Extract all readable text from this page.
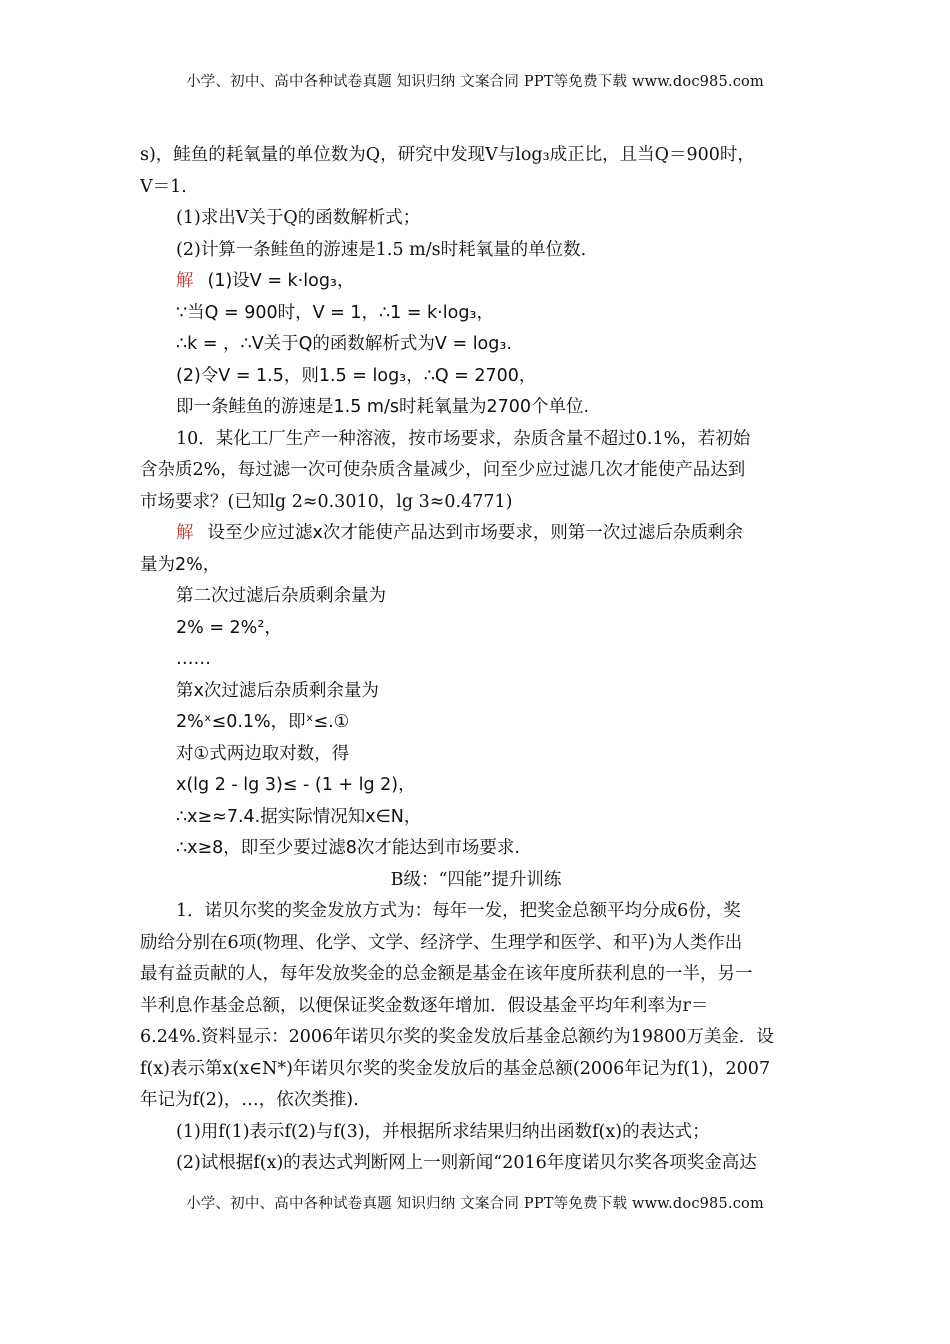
小学、初中、高中各种试卷真题 知识归纳 文案合同 PPT等免费下载 www.doc985.com

s)，鲑鱼的耗氧量的单位数为Q，研究中发现V与log₃成正比，且当Q＝900时，

V＝1.

(1)求出V关于Q的函数解析式；

(2)计算一条鲑鱼的游速是1.5 m/s时耗氧量的单位数.

解 (1)设V = k·log₃，

∵当Q = 900时，V = 1，∴1 = k·log₃，

∴k = ，∴V关于Q的函数解析式为V = log₃.

(2)令V = 1.5，则1.5 = log₃，∴Q = 2700，

即一条鲑鱼的游速是1.5 m/s时耗氧量为2700个单位.

10．某化工厂生产一种溶液，按市场要求，杂质含量不超过0.1%，若初始

含杂质2%，每过滤一次可使杂质含量减少，问至少应过滤几次才能使产品达到

市场要求？(已知lg 2≈0.3010，lg 3≈0.4771)

解 设至少应过滤x次才能使产品达到市场要求，则第一次过滤后杂质剩余

量为2%，

第二次过滤后杂质剩余量为

2% = 2%²，

……

第x次过滤后杂质剩余量为

2%ˣ≤0.1%，即ˣ≤.①

对①式两边取对数，得

x(lg 2 - lg 3)≤ - (1 + lg 2)，

∴x≥≈7.4.据实际情况知x∈N，

∴x≥8，即至少要过滤8次才能达到市场要求.

B级：“四能”提升训练

1．诺贝尔奖的奖金发放方式为：每年一发，把奖金总额平均分成6份，奖

励给分别在6项(物理、化学、文学、经济学、生理学和医学、和平)为人类作出

最有益贡献的人，每年发放奖金的总金额是基金在该年度所获利息的一半，另一

半利息作基金总额，以便保证奖金数逐年增加．假设基金平均年利率为r＝

6.24%.资料显示：2006年诺贝尔奖的奖金发放后基金总额约为19800万美金．设

f(x)表示第x(x∈N*)年诺贝尔奖的奖金发放后的基金总额(2006年记为f(1)，2007

年记为f(2)，…，依次类推).

(1)用f(1)表示f(2)与f(3)，并根据所求结果归纳出函数f(x)的表达式；

(2)试根据f(x)的表达式判断网上一则新闻“2016年度诺贝尔奖各项奖金高达

小学、初中、高中各种试卷真题 知识归纳 文案合同 PPT等免费下载 www.doc985.com
